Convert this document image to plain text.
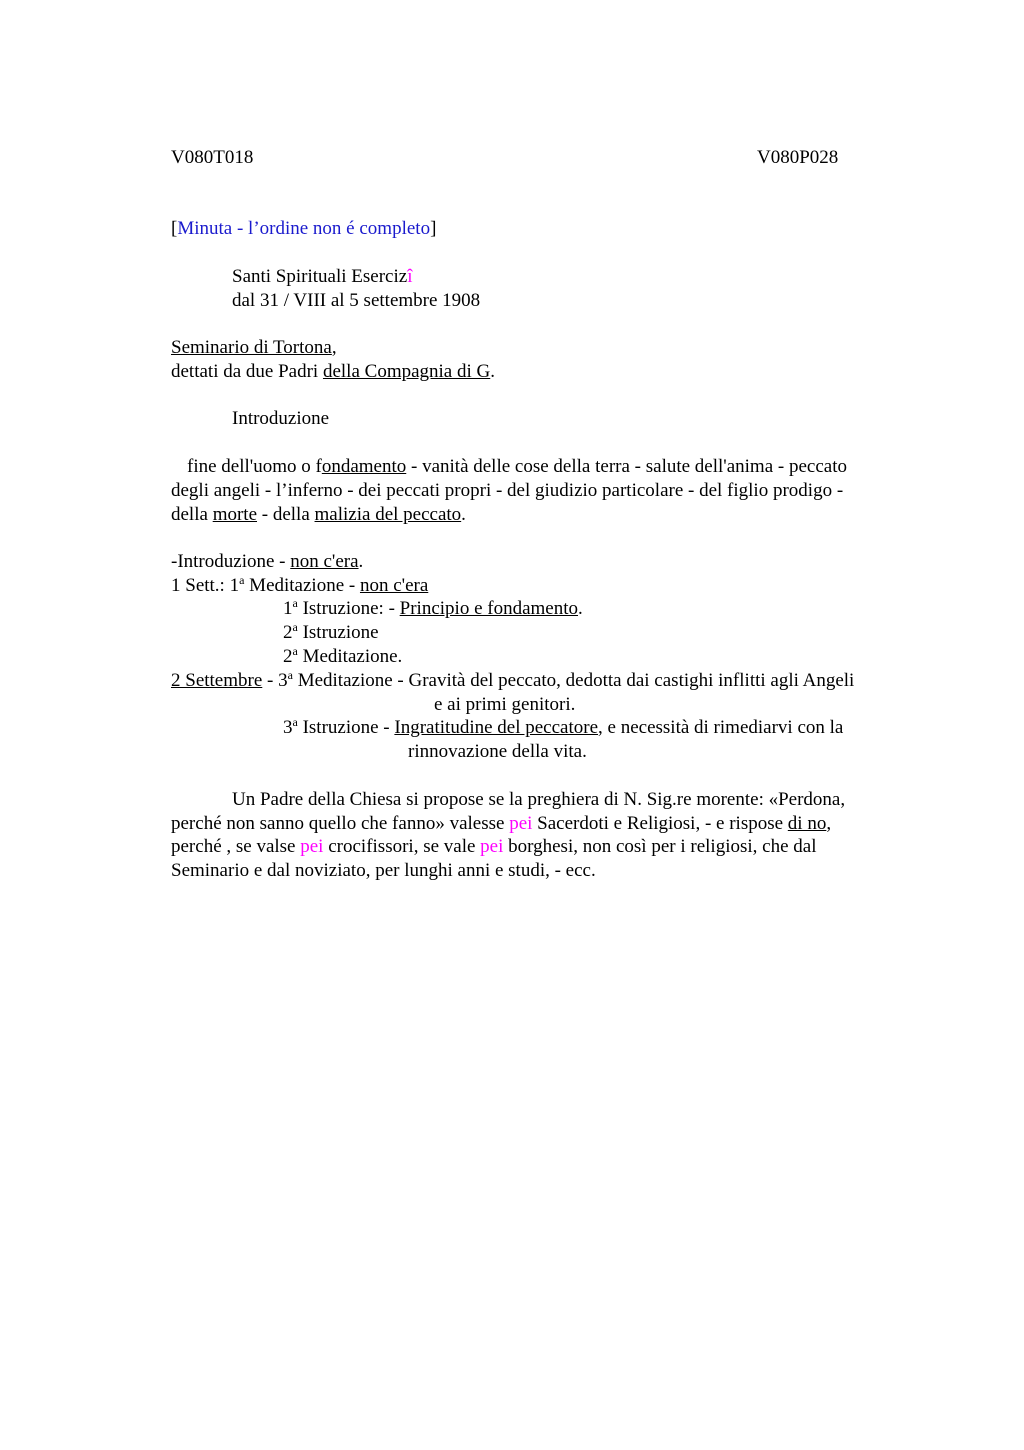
V080T018	V080P028
[Minuta - l’ordine non é completo]
Santi Spirituali Esercizî
dal 31 / VIII al 5 settembre 1908
Seminario di Tortona,
dettati da due Padri della Compagnia di G.
Introduzione
fine dell'uomo o fondamento - vanità delle cose della terra - salute dell'anima - peccato
degli angeli - l’inferno - dei peccati propri - del giudizio particolare - del figlio prodigo -
della morte - della malizia del peccato.
-Introduzione - non c'era.
1 Sett.: 1$^a$ Meditazione - non c'era
1$^a$ Istruzione: - Principio e fondamento.
2$^a$ Istruzione
2$^a$ Meditazione.
2 Settembre - 3$^a$ Meditazione - Gravità del peccato, dedotta dai castighi inflitti agli Angeli
e ai primi genitori.
3$^a$ Istruzione - Ingratitudine del peccatore, e necessità di rimediarvi con la
rinnovazione della vita.
Un Padre della Chiesa si propose se la preghiera di N. Sig.re morente: «Perdona,
perché non sanno quello che fanno» valesse pei Sacerdoti e Religiosi, - e rispose di no,
perché , se valse pei crocifissori, se vale pei borghesi, non così per i religiosi, che dal
Seminario e dal noviziato, per lunghi anni e studi, - ecc.
